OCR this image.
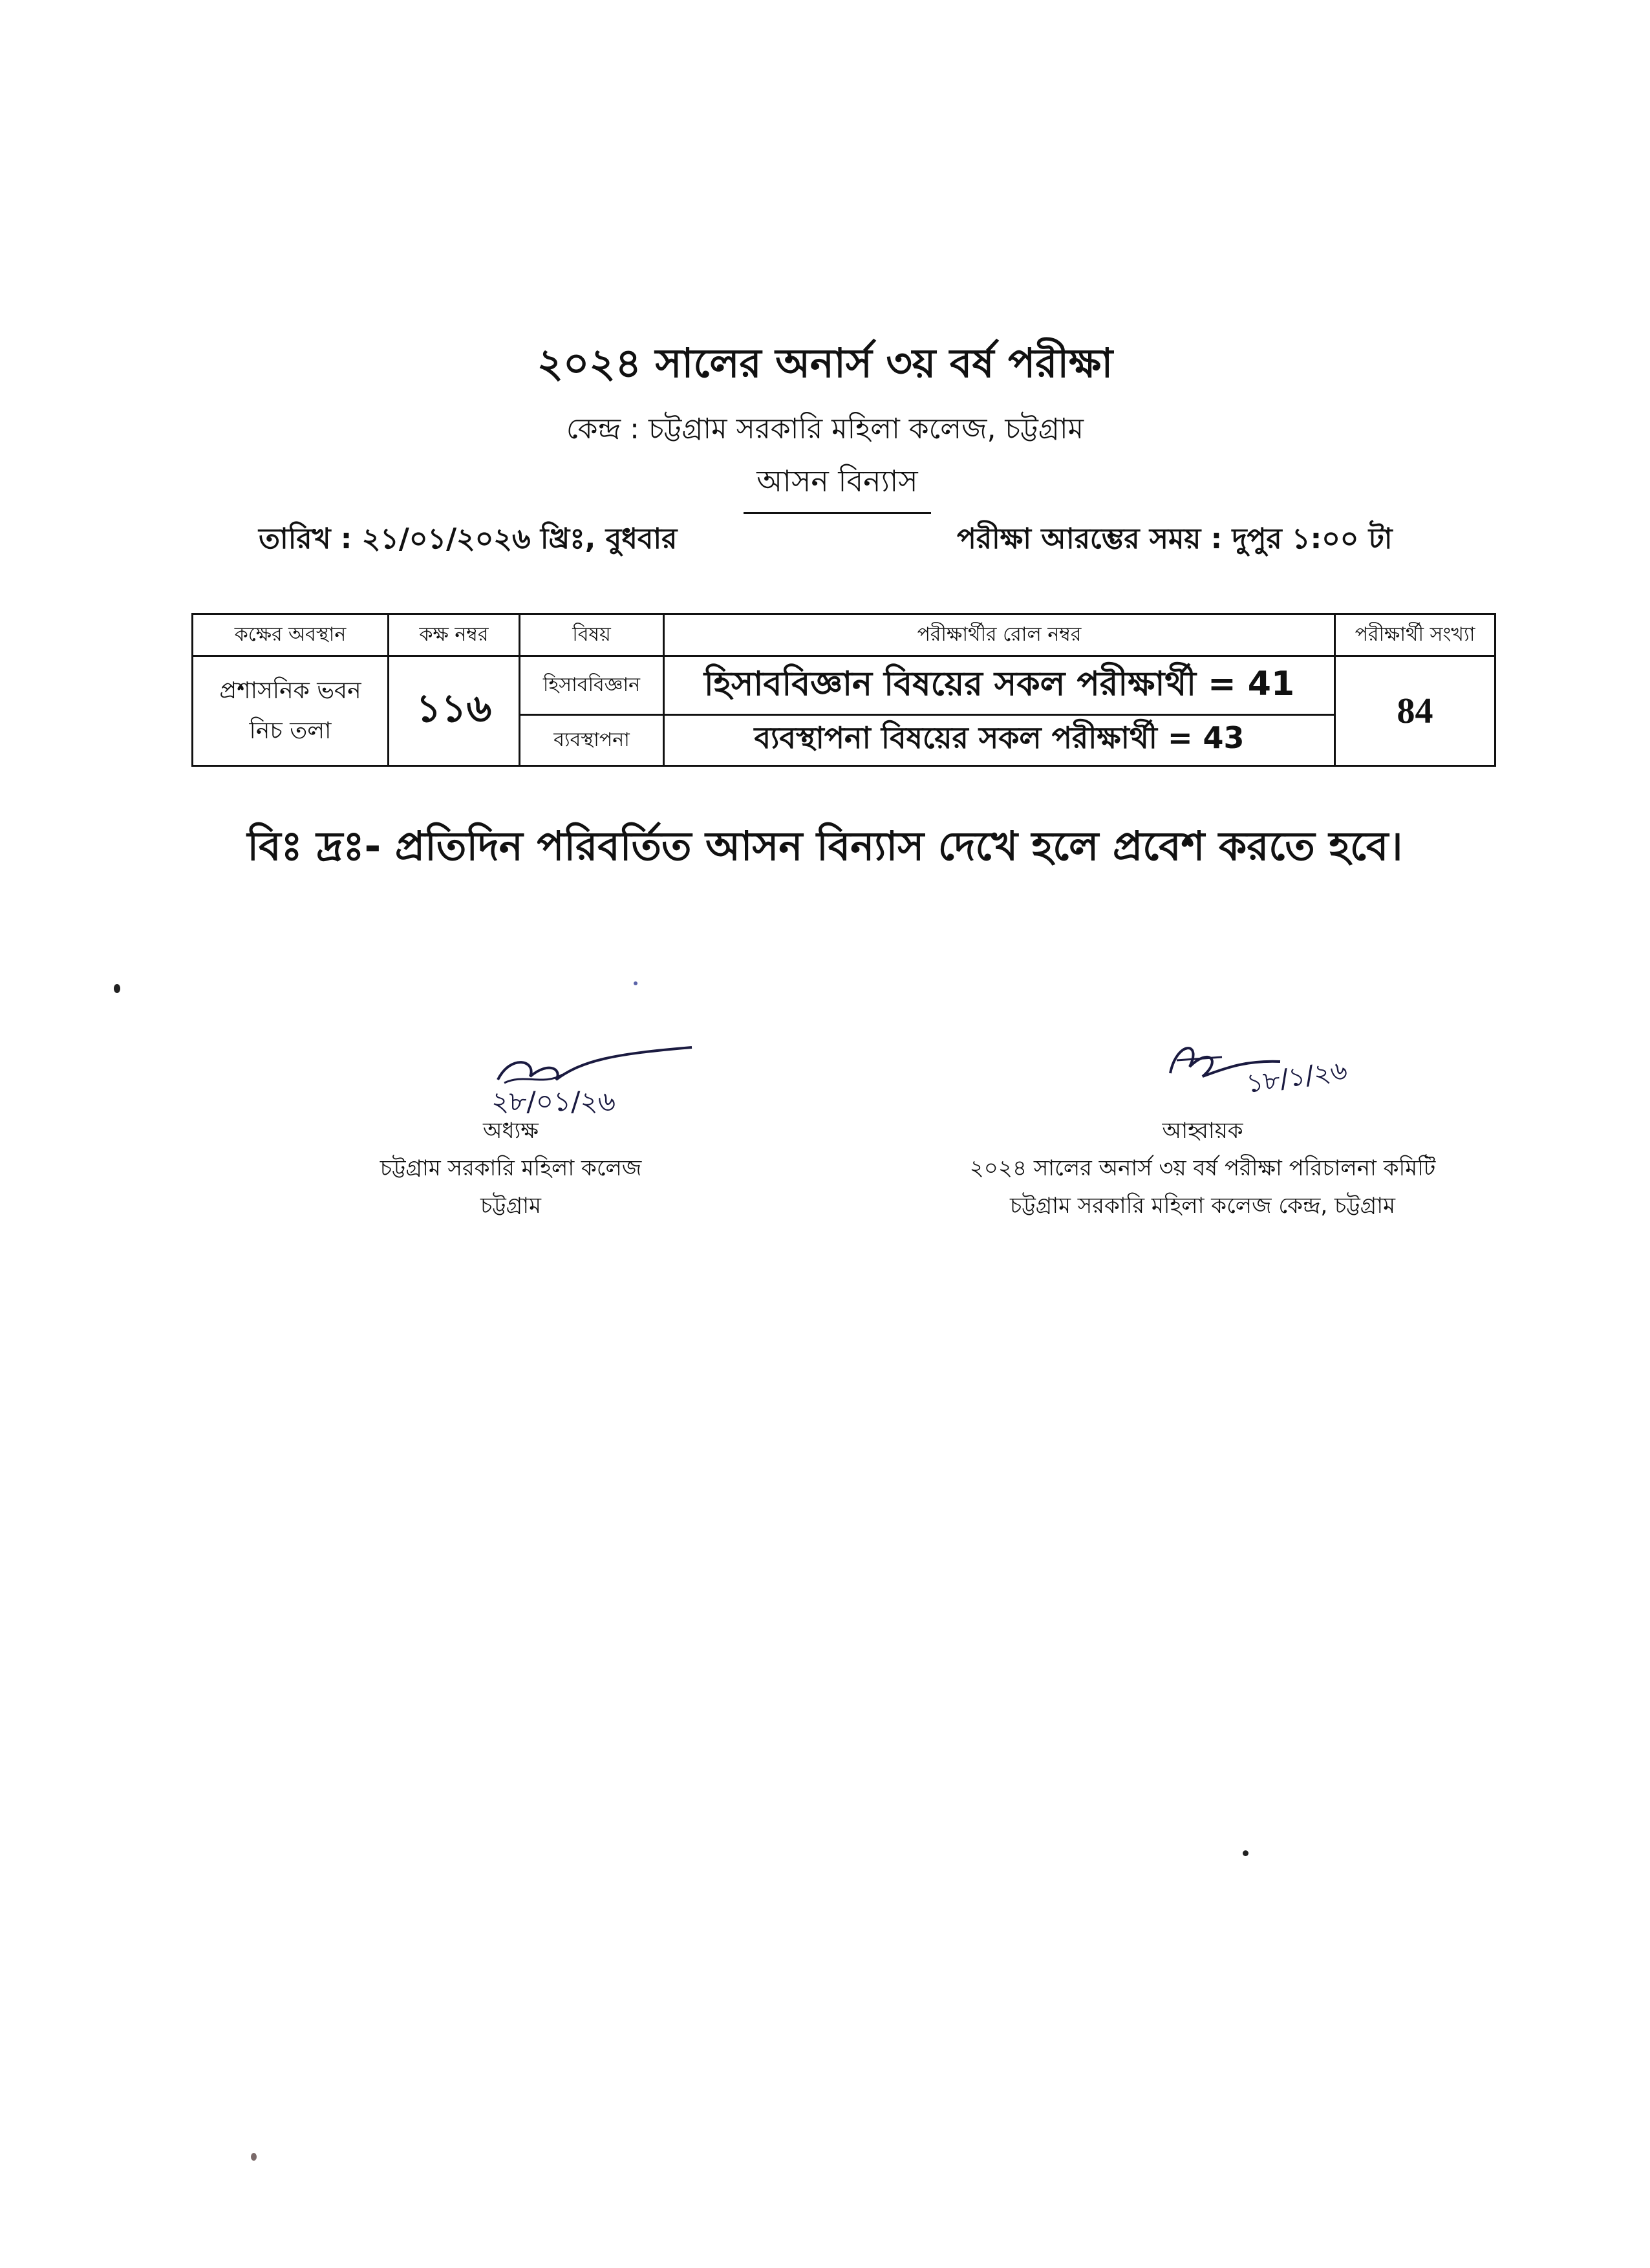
২০২৪ সালের অনার্স ৩য় বর্ষ পরীক্ষা
কেন্দ্র : চট্টগ্রাম সরকারি মহিলা কলেজ, চট্টগ্রাম
আসন বিন্যাস
তারিখ : ২১/০১/২০২৬ খ্রিঃ, বুধবার	পরীক্ষা আরম্ভের সময় : দুপুর ১:০০ টা
কক্ষের অবস্থান	কক্ষ নম্বর	বিষয়	পরীক্ষার্থীর রোল নম্বর	পরীক্ষার্থী সংখ্যা

প্রশাসনিক ভবন
নিচ তলা	১১৬	হিসাববিজ্ঞান	হিসাববিজ্ঞান বিষয়ের সকল পরীক্ষার্থী = 41	84
		ব্যবস্থাপনা	ব্যবস্থাপনা বিষয়ের সকল পরীক্ষার্থী = 43	
বিঃ দ্রঃ- প্রতিদিন পরিবর্তিত আসন বিন্যাস দেখে হলে প্রবেশ করতে হবে।
২৮/০১/২৬
অধ্যক্ষ
চট্টগ্রাম সরকারি মহিলা কলেজ
চট্টগ্রাম
১৮/১/২৬
আহ্বায়ক
২০২৪ সালের অনার্স ৩য় বর্ষ পরীক্ষা পরিচালনা কমিটি
চট্টগ্রাম সরকারি মহিলা কলেজ কেন্দ্র, চট্টগ্রাম
